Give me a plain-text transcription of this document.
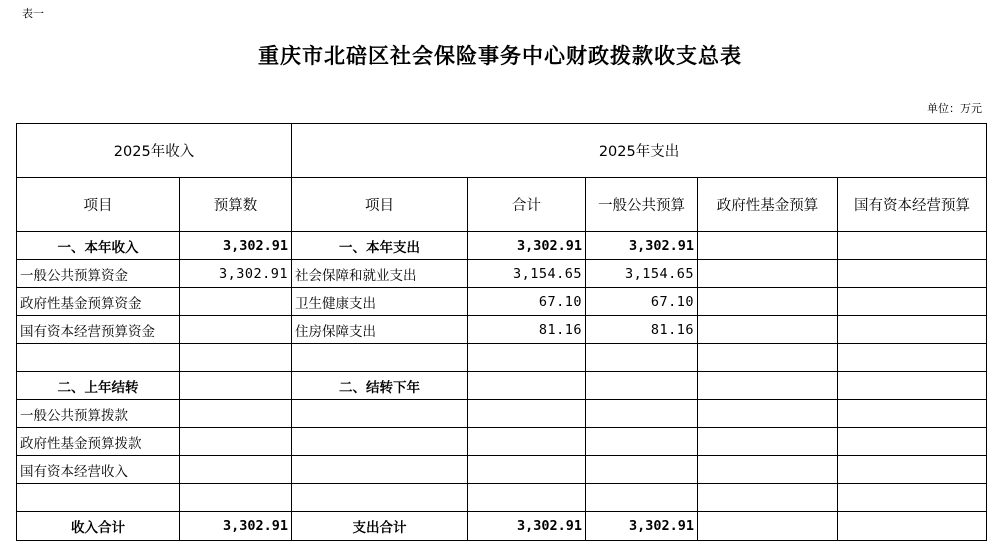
表一
重庆市北碚区社会保险事务中心财政拨款收支总表
单位：万元
2025年收入		2025年支出				
项目	预算数	项目	合计	一般公共预算	政府性基金预算	国有资本经营预算
一、本年收入	3,302.91	一、本年支出	3,302.91	3,302.91		
一般公共预算资金	3,302.91	社会保障和就业支出	3,154.65	3,154.65		
政府性基金预算资金		卫生健康支出	67.10	67.10		
国有资本经营预算资金		住房保障支出	81.16	81.16		

二、上年结转		二、结转下年				
一般公共预算拨款						
政府性基金预算拨款						
国有资本经营收入						

收入合计	3,302.91	支出合计	3,302.91	3,302.91		
